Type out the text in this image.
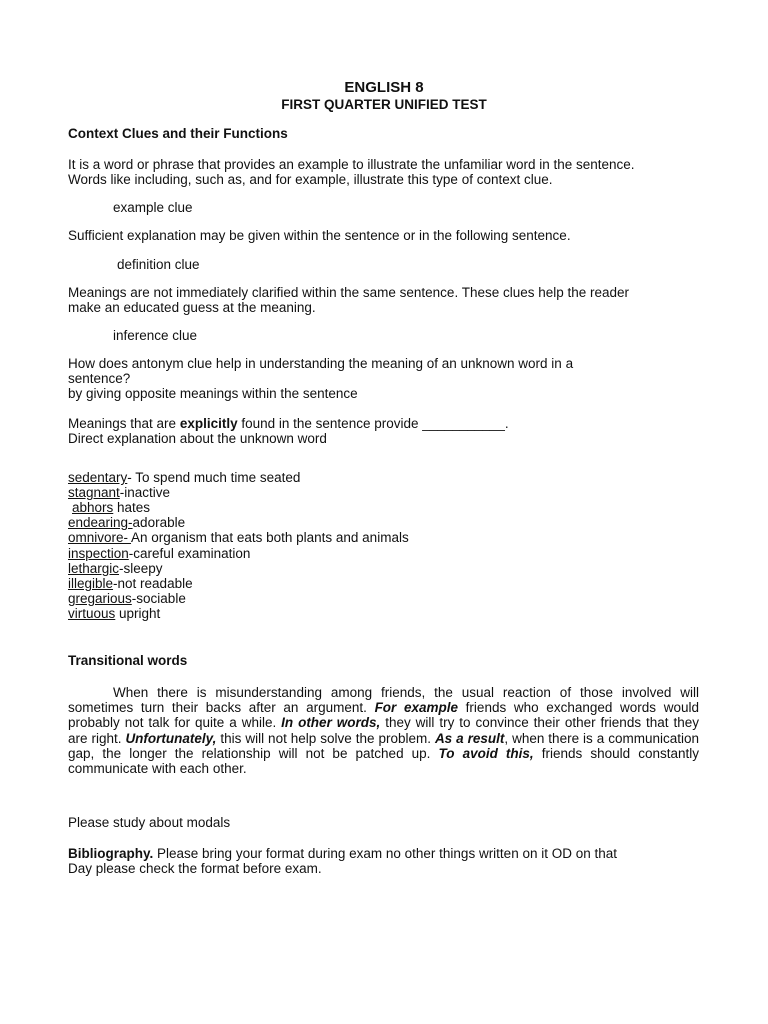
ENGLISH 8
FIRST QUARTER UNIFIED TEST
Context Clues and their Functions
It is a word or phrase that provides an example to illustrate the unfamiliar word in the sentence.
Words like including, such as, and for example, illustrate this type of context clue.
example clue
Sufficient explanation may be given within the sentence or in the following sentence.
definition clue
Meanings are not immediately clarified within the same sentence. These clues help the reader
make an educated guess at the meaning.
inference clue
How does antonym clue help in understanding the meaning of an unknown word in a
sentence?
by giving opposite meanings within the sentence
Meanings that are explicitly found in the sentence provide ___________.
Direct explanation about the unknown word
sedentary- To spend much time seated
stagnant-inactive
abhors hates
endearing-adorable
omnivore- An organism that eats both plants and animals
inspection-careful examination
lethargic-sleepy
illegible-not readable
gregarious-sociable
virtuous upright
Transitional words
When there is misunderstanding among friends, the usual reaction of those involved will sometimes turn their backs after an argument. For example friends who exchanged words would probably not talk for quite a while. In other words, they will try to convince their other friends that they are right. Unfortunately, this will not help solve the problem. As a result, when there is a communication gap, the longer the relationship will not be patched up. To avoid this, friends should constantly communicate with each other.
Please study about modals
Bibliography. Please bring your format during exam no other things written on it OD on that
Day please check the format before exam.
